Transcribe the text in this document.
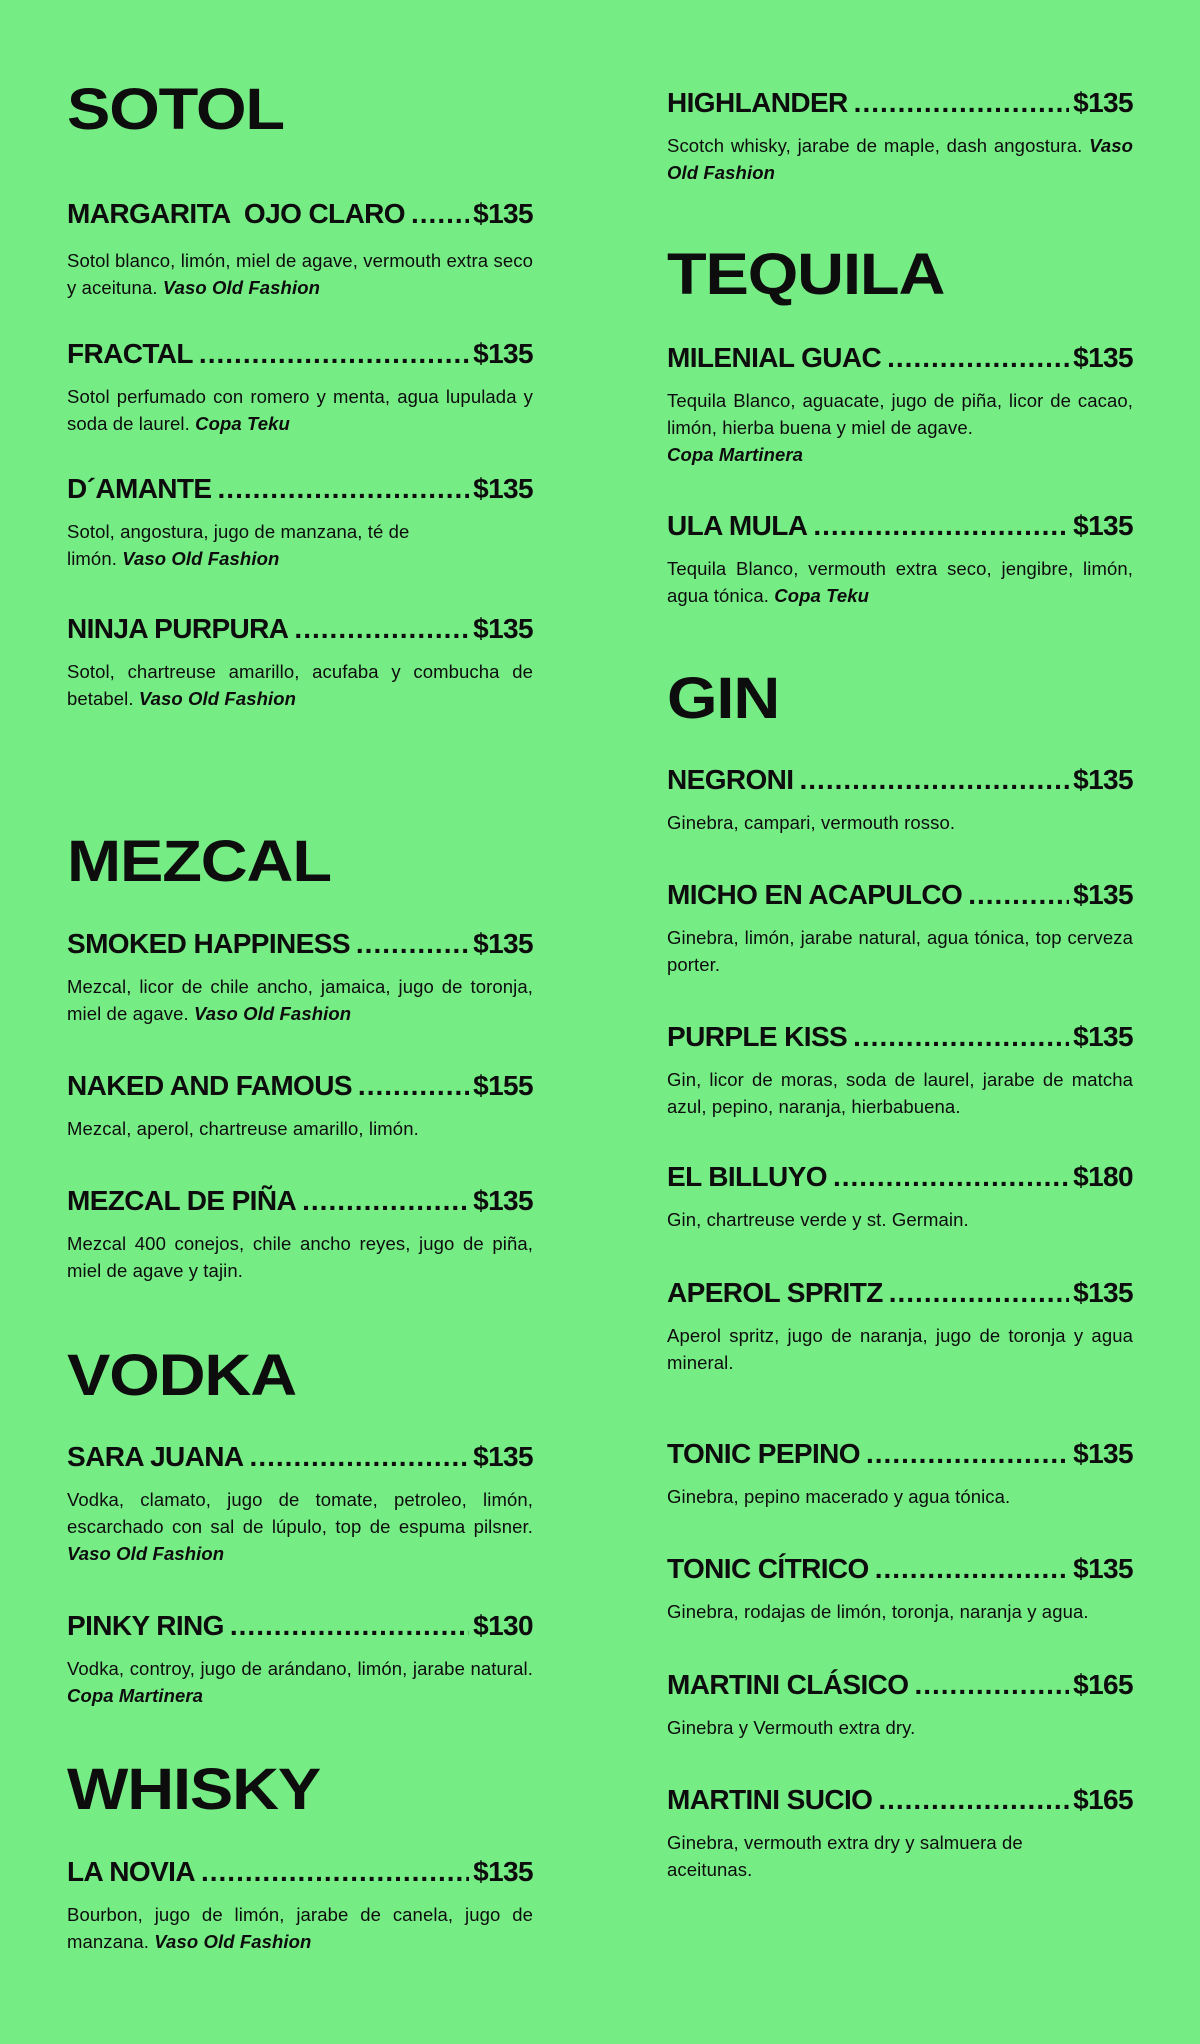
SOTOL
MARGARITA  OJO CLARO ..... $135
Sotol blanco, limón, miel de agave, vermouth extra seco y aceituna. Vaso Old Fashion
FRACTAL .....	$135
Sotol perfumado con romero y menta, agua lupulada y soda de laurel. Copa Teku
D´AMANTE .....	$135
Sotol, angostura, jugo de manzana, té de limón. Vaso Old Fashion
NINJA PURPURA .....	$135
Sotol, chartreuse amarillo, acufaba y combucha de betabel. Vaso Old Fashion
MEZCAL
SMOKED HAPPINESS .....	$135
Mezcal, licor de chile ancho, jamaica, jugo de toronja, miel de agave. Vaso Old Fashion
NAKED AND FAMOUS .....	$155
Mezcal, aperol, chartreuse amarillo, limón.
MEZCAL DE PIÑA .....	$135
Mezcal 400 conejos, chile ancho reyes, jugo de piña, miel de agave y tajin.
VODKA
SARA JUANA .....	$135
Vodka, clamato, jugo de tomate, petroleo, limón, escarchado con sal de lúpulo, top de espuma pilsner. Vaso Old Fashion
PINKY RING .....	$130
Vodka, controy, jugo de arándano, limón, jarabe natural. Copa Martinera
WHISKY
LA NOVIA .....	$135
Bourbon, jugo de limón, jarabe de canela, jugo de manzana. Vaso Old Fashion
HIGHLANDER .....	$135
Scotch whisky, jarabe de maple, dash angostura. Vaso Old Fashion
TEQUILA
MILENIAL GUAC .....	$135
Tequila Blanco, aguacate, jugo de piña, licor de cacao, limón, hierba buena y miel de agave.
Copa Martinera
ULA MULA .....	$135
Tequila Blanco, vermouth extra seco, jengibre, limón, agua tónica. Copa Teku
GIN
NEGRONI .....	$135
Ginebra, campari, vermouth rosso.
MICHO EN ACAPULCO .....	$135
Ginebra, limón, jarabe natural, agua tónica, top cerveza porter.
PURPLE KISS .....	$135
Gin, licor de moras, soda de laurel, jarabe de matcha azul, pepino, naranja, hierbabuena.
EL BILLUYO .....	$180
Gin, chartreuse verde y st. Germain.
APEROL SPRITZ .....	$135
Aperol spritz, jugo de naranja, jugo de toronja y agua mineral.
TONIC PEPINO .....	$135
Ginebra, pepino macerado y agua tónica.
TONIC CÍTRICO .....	$135
Ginebra, rodajas de limón, toronja, naranja y agua.
MARTINI CLÁSICO .....	$165
Ginebra y Vermouth extra dry.
MARTINI SUCIO .....	$165
Ginebra, vermouth extra dry y salmuera de aceitunas.
